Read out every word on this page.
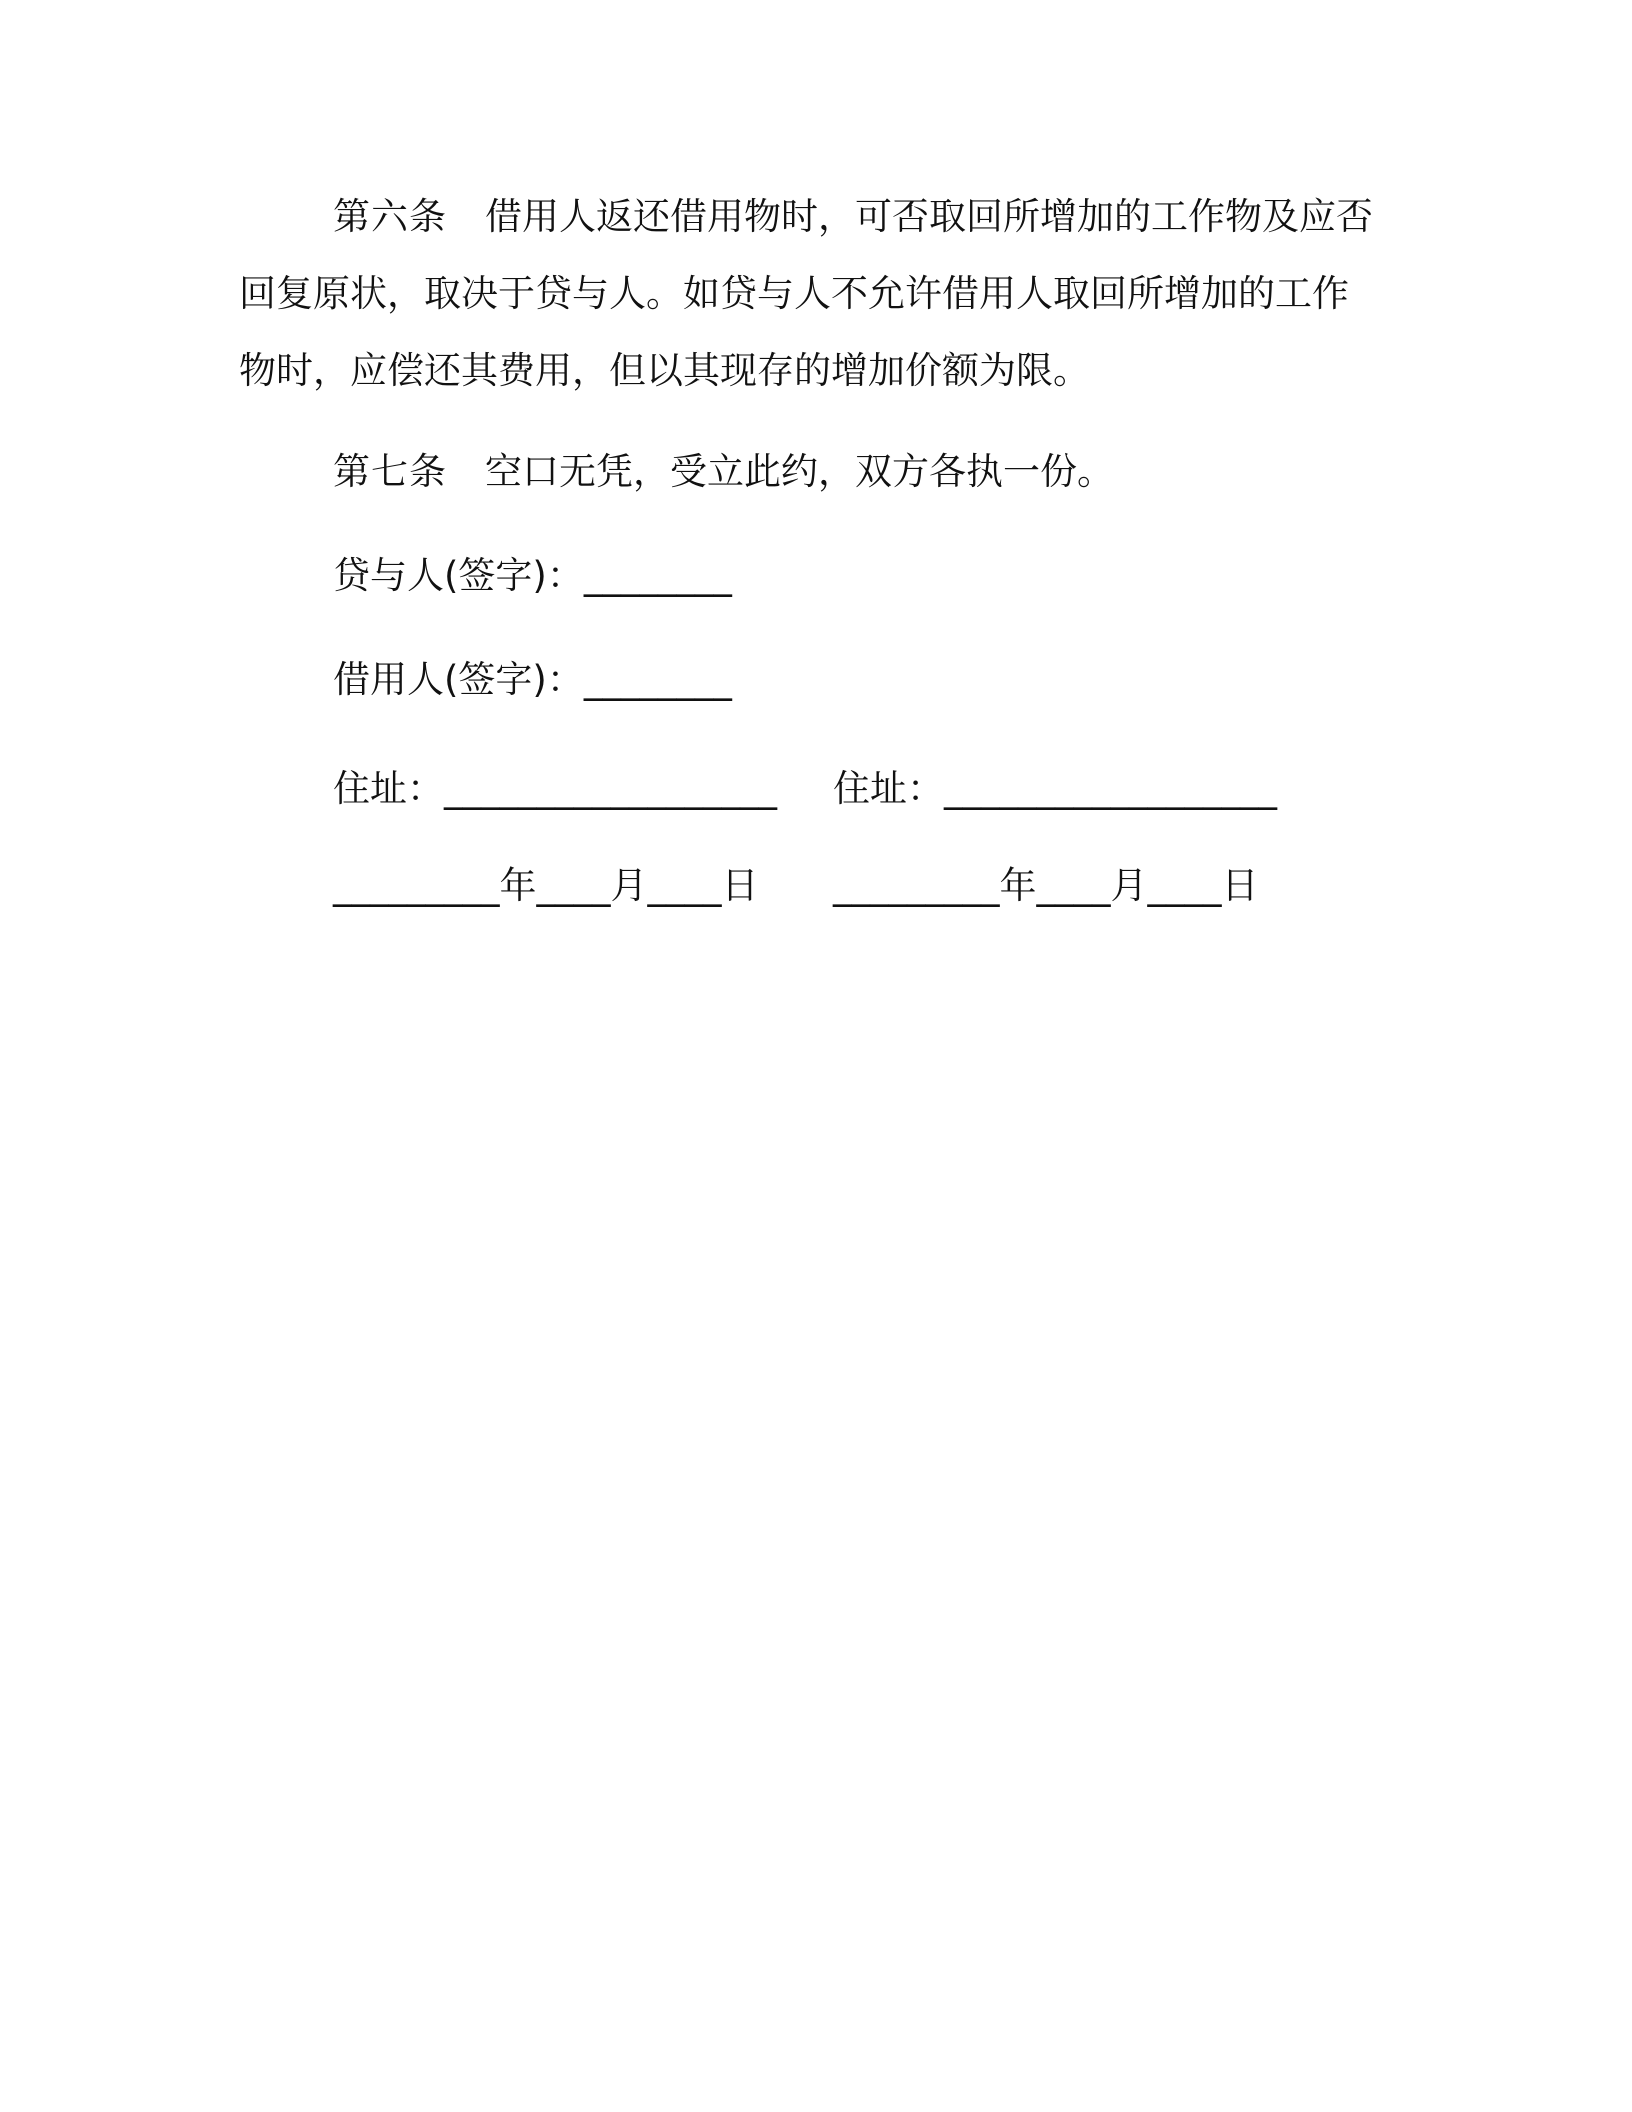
第六条 借用人返还借用物时，可否取回所增加的工作物及应否
回复原状，取决于贷与人。如贷与人不允许借用人取回所增加的工作
物时，应偿还其费用，但以其现存的增加价额为限。
第七条 空口无凭，受立此约，双方各执一份。
贷与人(签字)：________
借用人(签字)：________
住址：__________________ 住址：__________________
_________年____月____日 _________年____月____日
